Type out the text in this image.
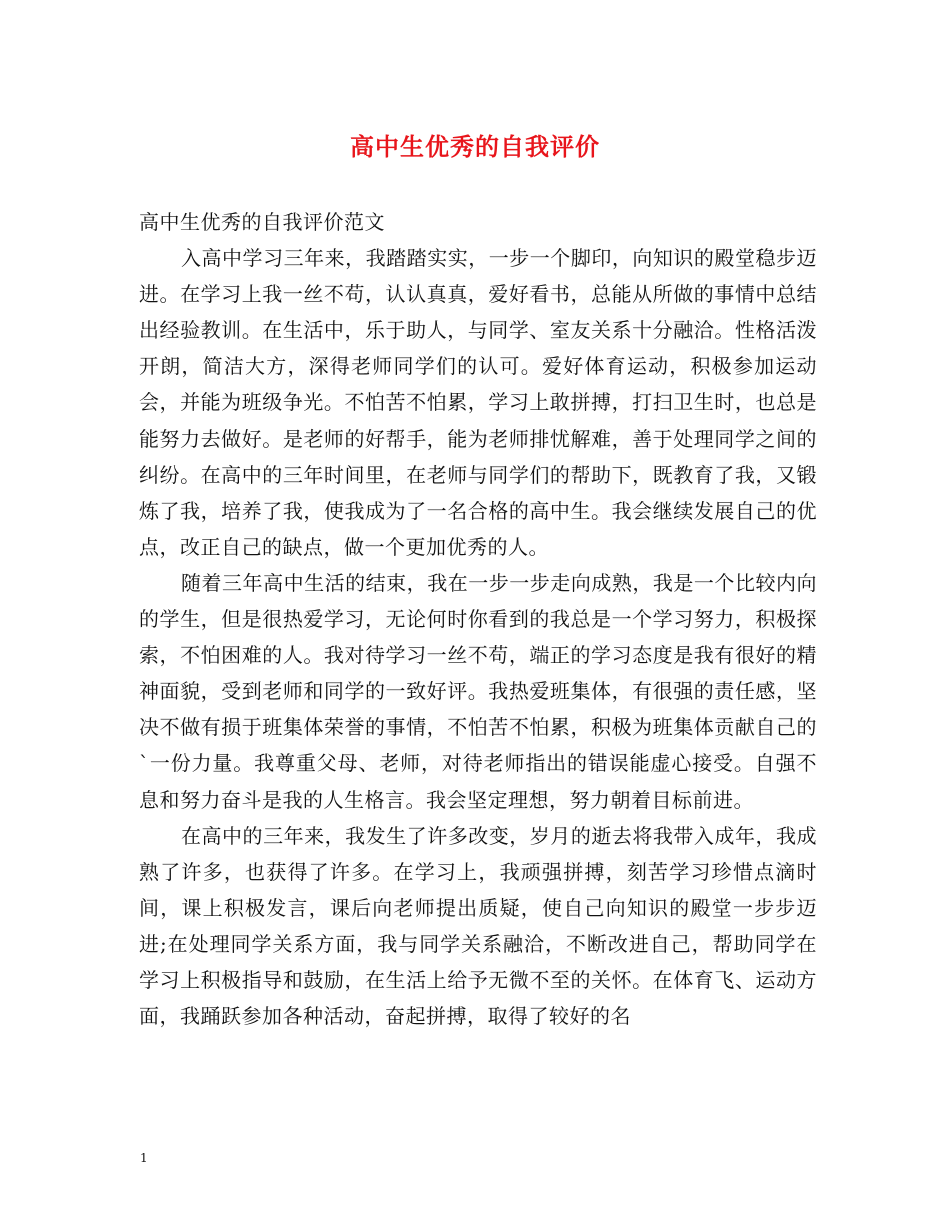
高中生优秀的自我评价

高中生优秀的自我评价范文

入高中学习三年来，我踏踏实实，一步一个脚印，向知识的殿堂稳步迈进。在学习上我一丝不苟，认认真真，爱好看书，总能从所做的事情中总结出经验教训。在生活中，乐于助人，与同学、室友关系十分融洽。性格活泼开朗，简洁大方，深得老师同学们的认可。爱好体育运动，积极参加运动会，并能为班级争光。不怕苦不怕累，学习上敢拼搏，打扫卫生时，也总是能努力去做好。是老师的好帮手，能为老师排忧解难，善于处理同学之间的纠纷。在高中的三年时间里，在老师与同学们的帮助下，既教育了我，又锻炼了我，培养了我，使我成为了一名合格的高中生。我会继续发展自己的优点，改正自己的缺点，做一个更加优秀的人。

随着三年高中生活的结束，我在一步一步走向成熟，我是一个比较内向的学生，但是很热爱学习，无论何时你看到的我总是一个学习努力，积极探索，不怕困难的人。我对待学习一丝不苟，端正的学习态度是我有很好的精神面貌，受到老师和同学的一致好评。我热爱班集体，有很强的责任感，坚决不做有损于班集体荣誉的事情，不怕苦不怕累，积极为班集体贡献自己的`一份力量。我尊重父母、老师，对待老师指出的错误能虚心接受。自强不息和努力奋斗是我的人生格言。我会坚定理想，努力朝着目标前进。

在高中的三年来，我发生了许多改变，岁月的逝去将我带入成年，我成熟了许多，也获得了许多。在学习上，我顽强拼搏，刻苦学习珍惜点滴时间，课上积极发言，课后向老师提出质疑，使自己向知识的殿堂一步步迈进;在处理同学关系方面，我与同学关系融洽，不断改进自己，帮助同学在学习上积极指导和鼓励，在生活上给予无微不至的关怀。在体育飞、运动方面，我踊跃参加各种活动，奋起拼搏，取得了较好的名

1
